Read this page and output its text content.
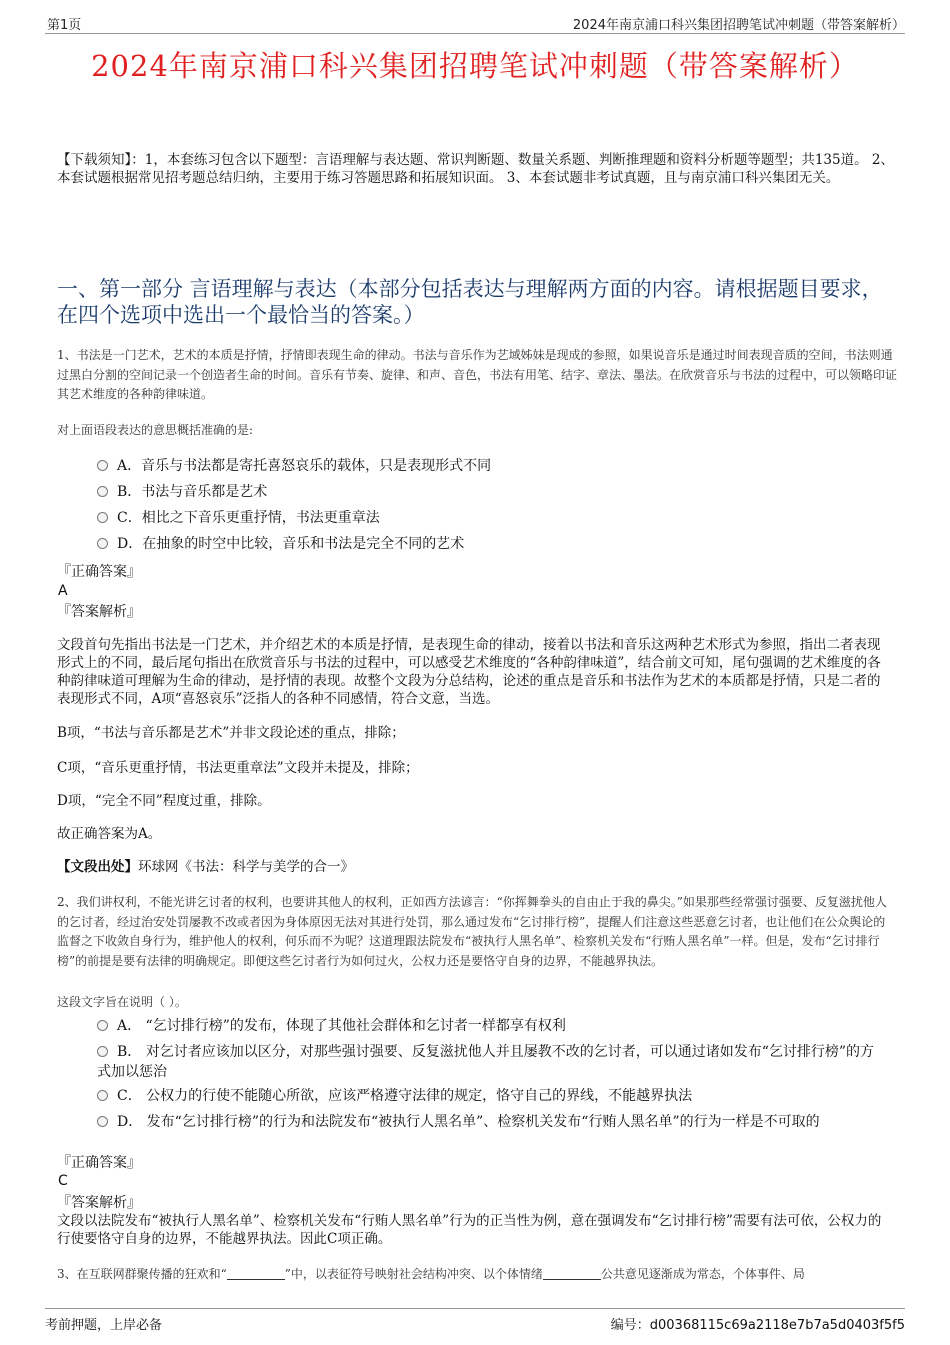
第1页	2024年南京浦口科兴集团招聘笔试冲刺题（带答案解析）
2024年南京浦口科兴集团招聘笔试冲刺题（带答案解析）
【下载须知】：1，本套练习包含以下题型：言语理解与表达题、常识判断题、数量关系题、判断推理题和资料分析题等题型；共135道。 2、本套试题根据常见招考题总结归纳，主要用于练习答题思路和拓展知识面。 3、本套试题非考试真题，且与南京浦口科兴集团无关。
一、第一部分 言语理解与表达（本部分包括表达与理解两方面的内容。请根据题目要求，在四个选项中选出一个最恰当的答案。）
1、书法是一门艺术，艺术的本质是抒情，抒情即表现生命的律动。书法与音乐作为艺域姊妹是现成的参照，如果说音乐是通过时间表现音质的空间，书法则通过黑白分割的空间记录一个创造者生命的时间。音乐有节奏、旋律、和声、音色，书法有用笔、结字、章法、墨法。在欣赏音乐与书法的过程中，可以领略印证其艺术维度的各种韵律味道。
对上面语段表达的意思概括准确的是:
A．音乐与书法都是寄托喜怒哀乐的载体，只是表现形式不同
B．书法与音乐都是艺术
C．相比之下音乐更重抒情，书法更重章法
D．在抽象的时空中比较，音乐和书法是完全不同的艺术
『正确答案』
A
『答案解析』
文段首句先指出书法是一门艺术，并介绍艺术的本质是抒情，是表现生命的律动，接着以书法和音乐这两种艺术形式为参照，指出二者表现形式上的不同，最后尾句指出在欣赏音乐与书法的过程中，可以感受艺术维度的“各种韵律味道”，结合前文可知，尾句强调的艺术维度的各种韵律味道可理解为生命的律动，是抒情的表现。故整个文段为分总结构，论述的重点是音乐和书法作为艺术的本质都是抒情，只是二者的表现形式不同，A项“喜怒哀乐”泛指人的各种不同感情，符合文意，当选。
B项，“书法与音乐都是艺术”并非文段论述的重点，排除；
C项，“音乐更重抒情，书法更重章法”文段并未提及，排除；
D项，“完全不同”程度过重，排除。
故正确答案为A。
【文段出处】环球网《书法：科学与美学的合一》
2、我们讲权利，不能光讲乞讨者的权利，也要讲其他人的权利，正如西方法谚言：“你挥舞拳头的自由止于我的鼻尖。”如果那些经常强讨强要、反复滋扰他人的乞讨者，经过治安处罚屡教不改或者因为身体原因无法对其进行处罚，那么通过发布“乞讨排行榜”，提醒人们注意这些恶意乞讨者，也让他们在公众舆论的监督之下收敛自身行为，维护他人的权利，何乐而不为呢？这道理跟法院发布“被执行人黑名单”、检察机关发布“行贿人黑名单”一样。但是，发布“乞讨排行榜”的前提是要有法律的明确规定。即便这些乞讨者行为如何过火，公权力还是要恪守自身的边界，不能越界执法。
这段文字旨在说明（ ）。
A． “乞讨排行榜”的发布，体现了其他社会群体和乞讨者一样都享有权利
B． 对乞讨者应该加以区分，对那些强讨强要、反复滋扰他人并且屡教不改的乞讨者，可以通过诸如发布“乞讨排行榜”的方式加以惩治
C． 公权力的行使不能随心所欲，应该严格遵守法律的规定，恪守自己的界线，不能越界执法
D． 发布“乞讨排行榜”的行为和法院发布“被执行人黑名单”、检察机关发布“行贿人黑名单”的行为一样是不可取的
『正确答案』
C
『答案解析』
文段以法院发布“被执行人黑名单”、检察机关发布“行贿人黑名单”行为的正当性为例，意在强调发布“乞讨排行榜”需要有法可依，公权力的行使要恪守自身的边界，不能越界执法。因此C项正确。
3、在互联网群聚传播的狂欢和“	”中，以表征符号映射社会结构冲突、以个体情绪	公共意见逐渐成为常态，个体事件、局
考前押题，上岸必备	编号：d00368115c69a2118e7b7a5d0403f5f5
